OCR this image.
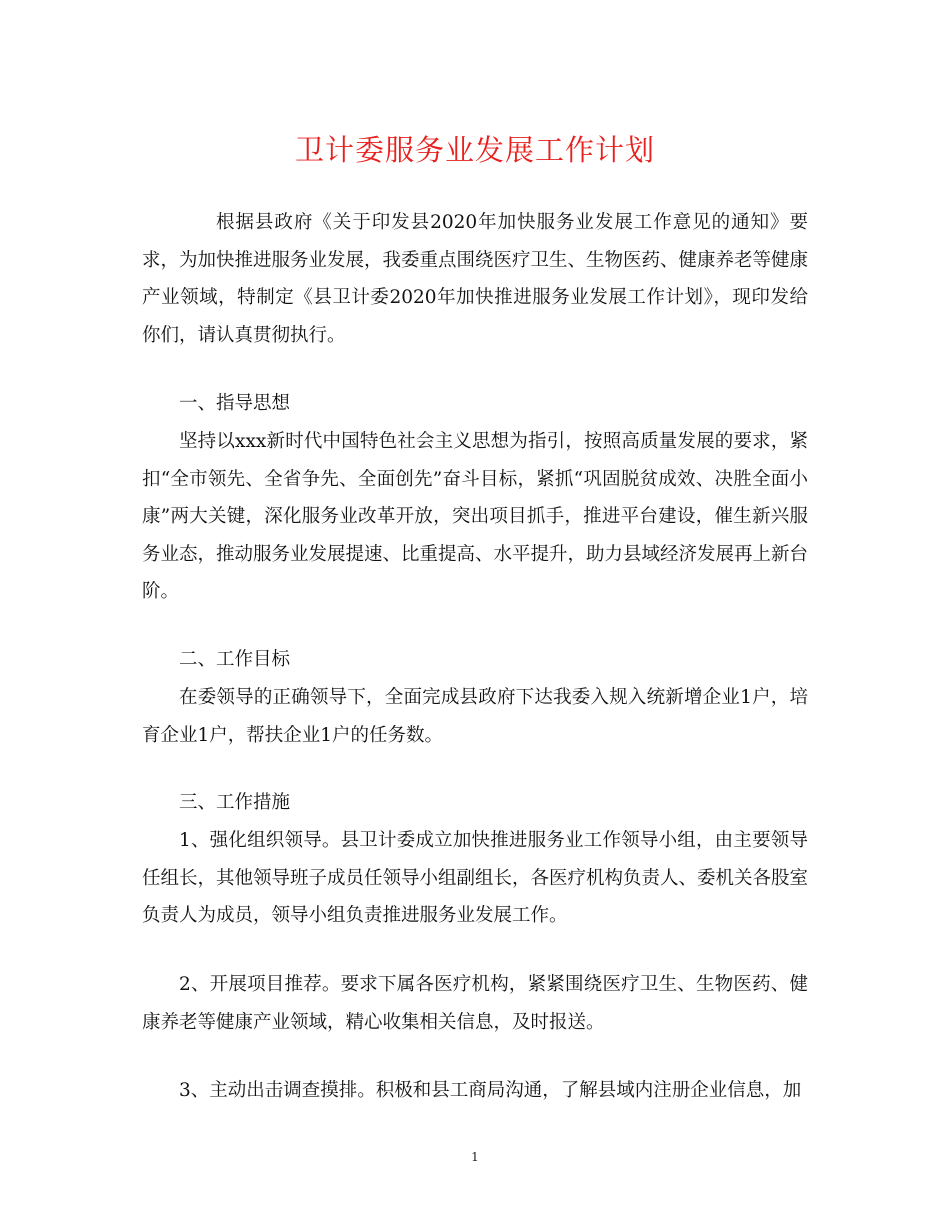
卫计委服务业发展工作计划

根据县政府《关于印发县2020年加快服务业发展工作意见的通知》要求，为加快推进服务业发展，我委重点围绕医疗卫生、生物医药、健康养老等健康产业领域，特制定《县卫计委2020年加快推进服务业发展工作计划》，现印发给你们，请认真贯彻执行。

一、指导思想

坚持以xxx新时代中国特色社会主义思想为指引，按照高质量发展的要求，紧扣“全市领先、全省争先、全面创先”奋斗目标，紧抓“巩固脱贫成效、决胜全面小康”两大关键，深化服务业改革开放，突出项目抓手，推进平台建设，催生新兴服务业态，推动服务业发展提速、比重提高、水平提升，助力县域经济发展再上新台阶。

二、工作目标

在委领导的正确领导下，全面完成县政府下达我委入规入统新增企业1户，培育企业1户，帮扶企业1户的任务数。

三、工作措施

1、强化组织领导。县卫计委成立加快推进服务业工作领导小组，由主要领导任组长，其他领导班子成员任领导小组副组长，各医疗机构负责人、委机关各股室负责人为成员，领导小组负责推进服务业发展工作。

2、开展项目推荐。要求下属各医疗机构，紧紧围绕医疗卫生、生物医药、健康养老等健康产业领域，精心收集相关信息，及时报送。

3、主动出击调查摸排。积极和县工商局沟通，了解县域内注册企业信息，加

1
